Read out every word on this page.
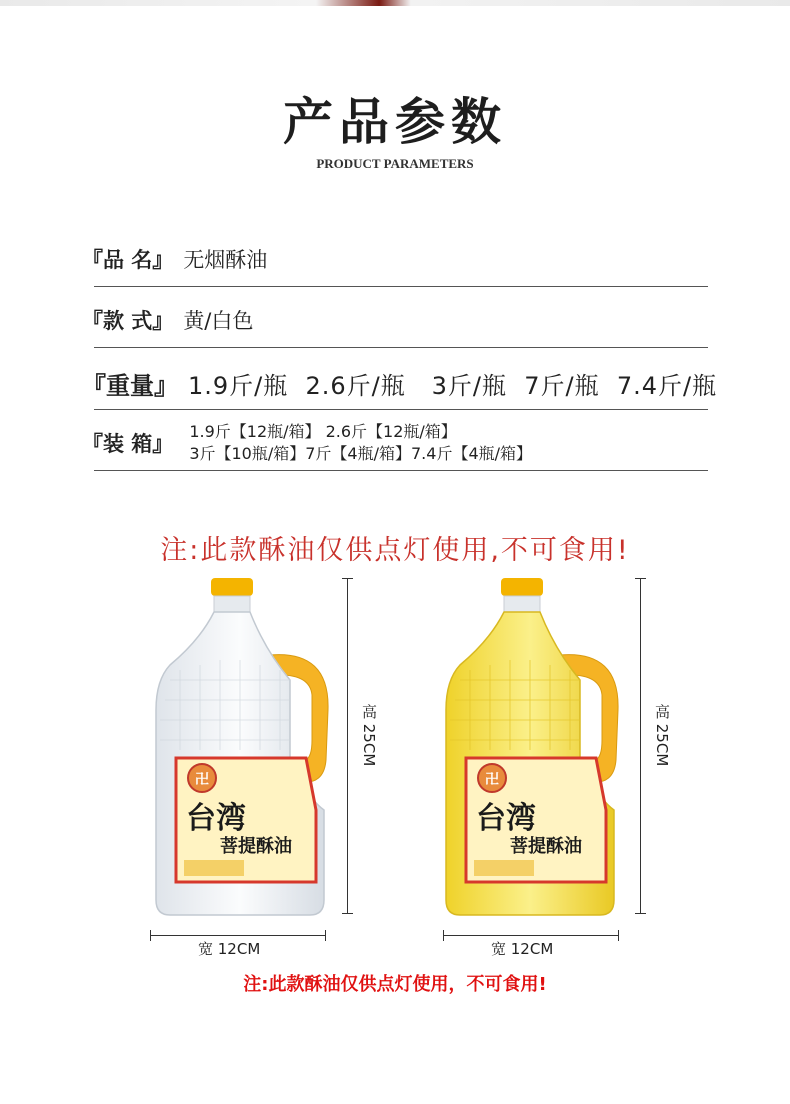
产品参数
PRODUCT PARAMETERS
『品 名』 无烟酥油
『款 式』 黄/白色
『重量』 1.9斤/瓶  2.6斤/瓶   3斤/瓶  7斤/瓶  7.4斤/瓶
『装 箱』
1.9斤【12瓶/箱】 2.6斤【12瓶/箱】
3斤【10瓶/箱】7斤【4瓶/箱】7.4斤【4瓶/箱】
注:此款酥油仅供点灯使用,不可食用!
卍
台湾
菩提酥油
卍
台湾
菩提酥油
高 25CM
宽 12CM
高 25CM
宽 12CM
注:此款酥油仅供点灯使用，不可食用!
